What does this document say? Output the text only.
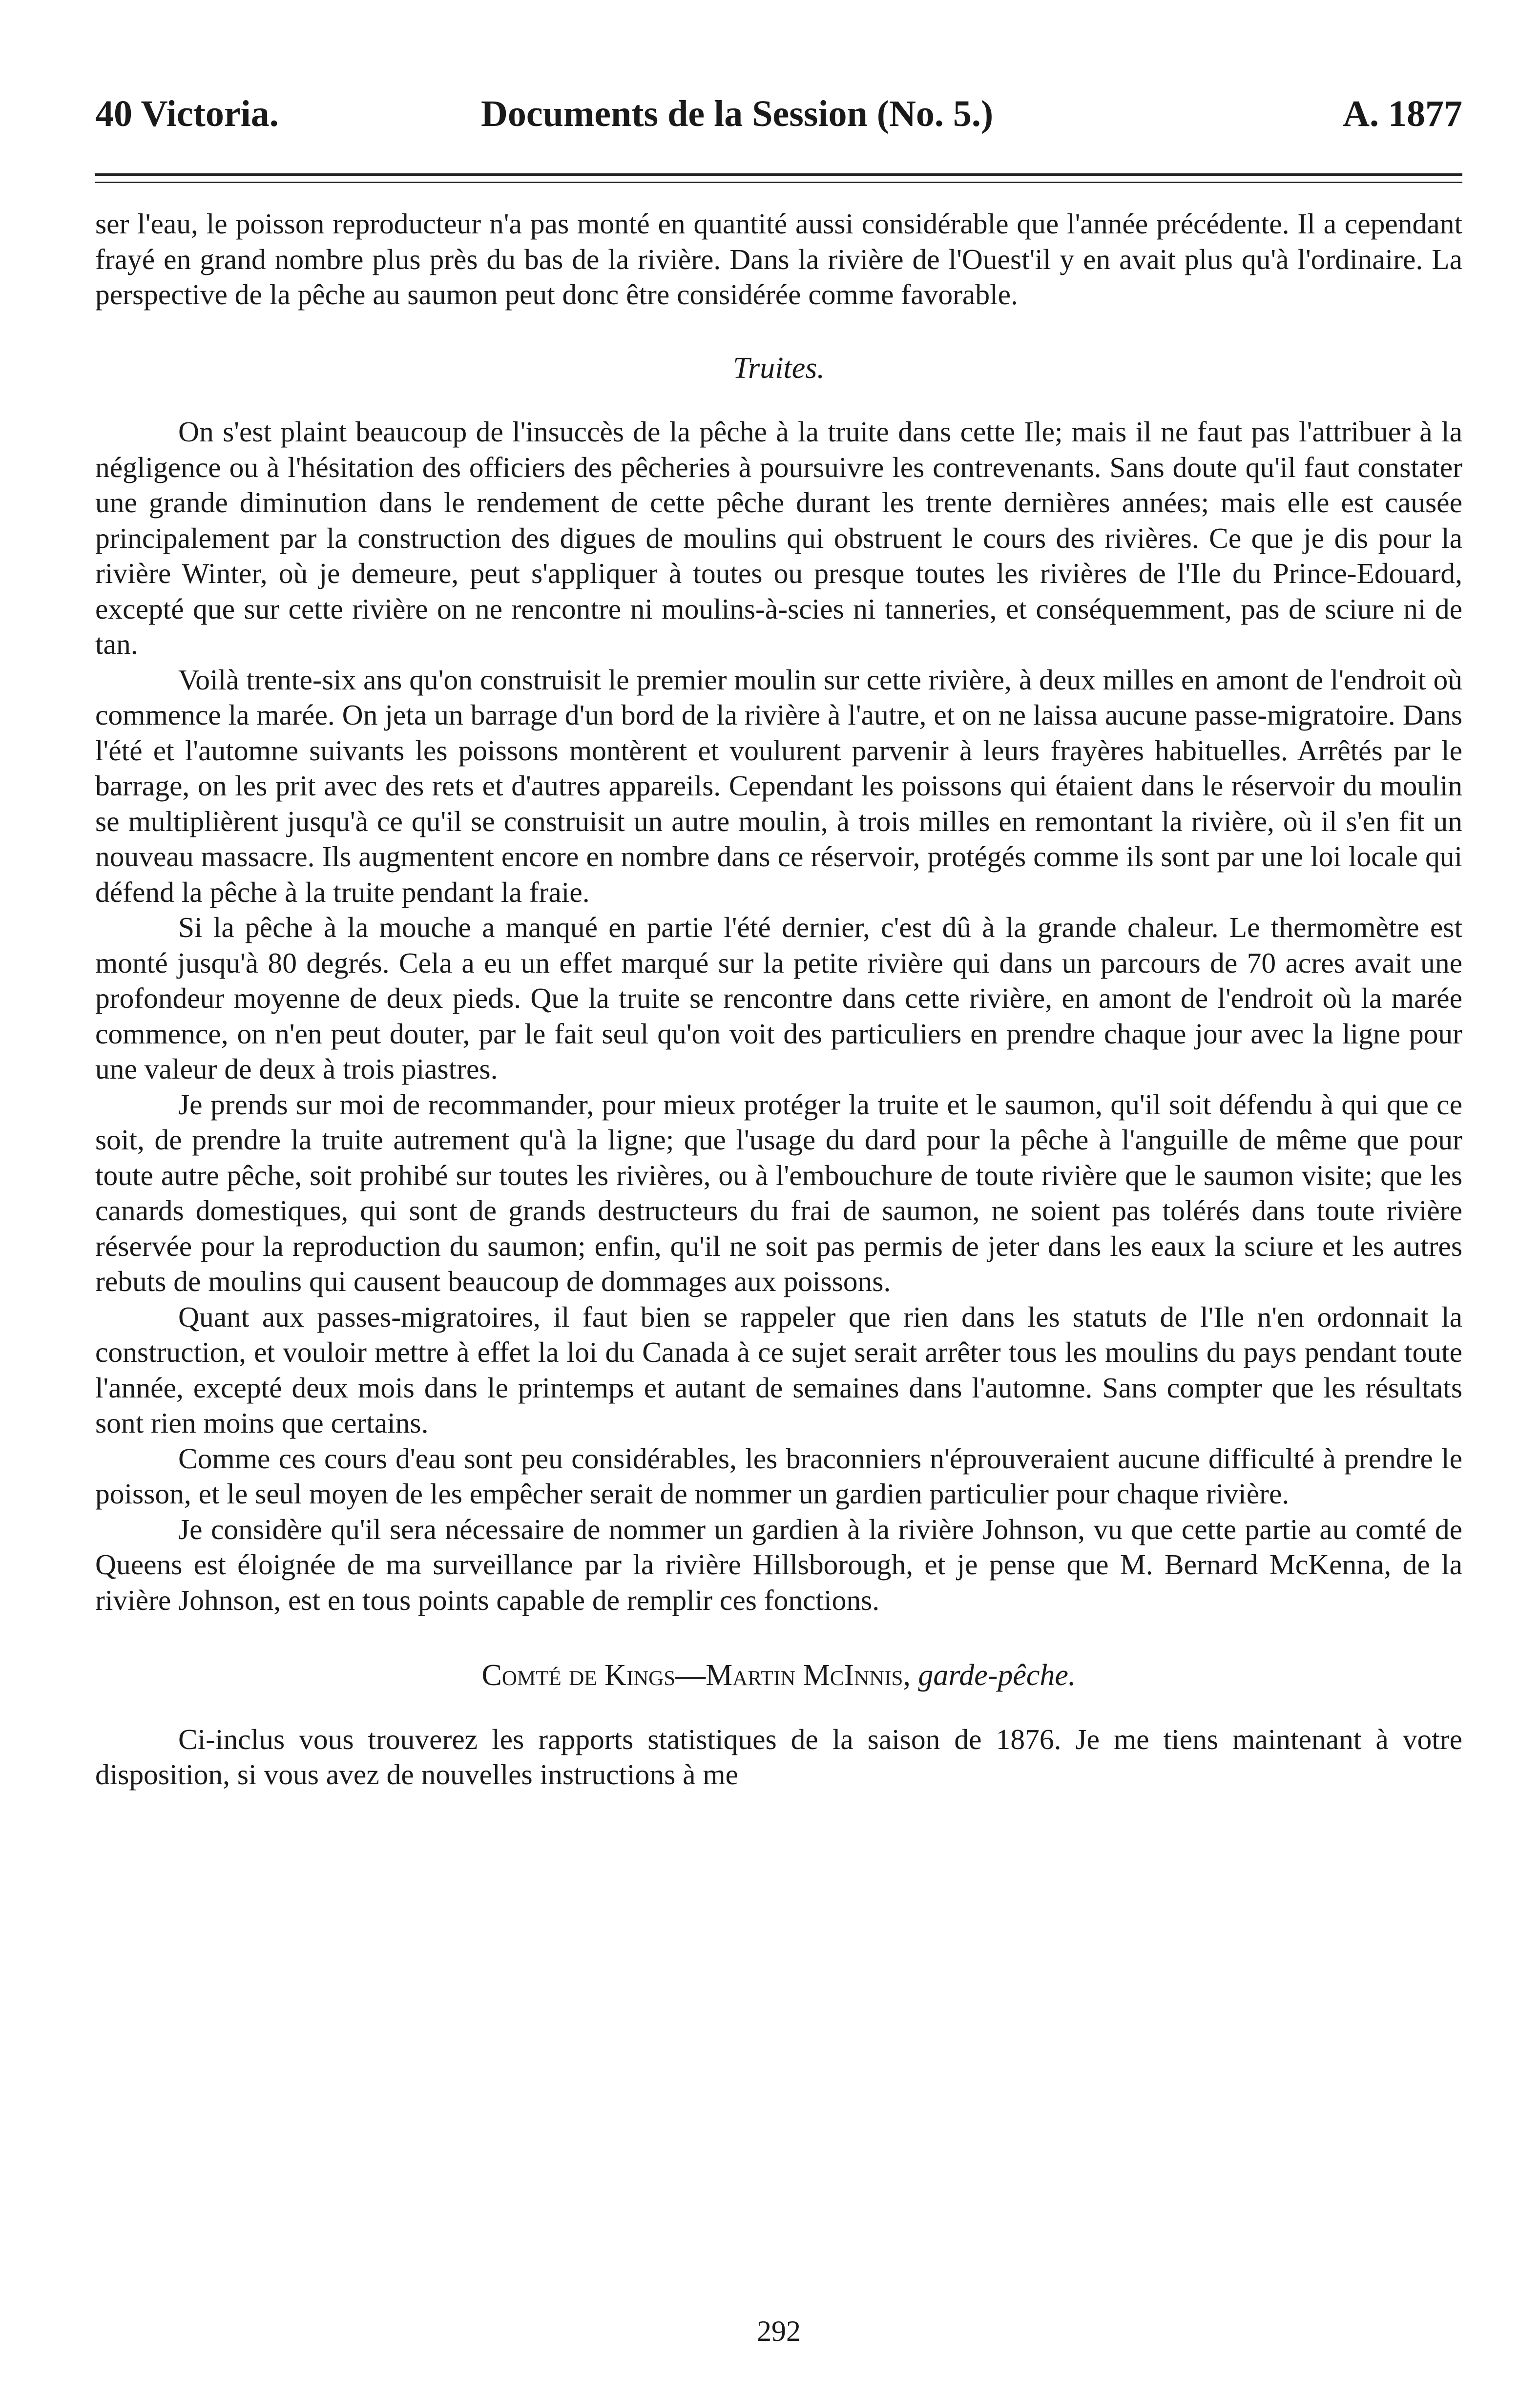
40 Victoria.	Documents de la Session (No. 5.)	A. 1877

ser l'eau, le poisson reproducteur n'a pas monté en quantité aussi considérable que l'année précédente. Il a cependant frayé en grand nombre plus près du bas de la rivière. Dans la rivière de l'Ouest'il y en avait plus qu'à l'ordinaire. La perspective de la pêche au saumon peut donc être considérée comme favorable.

Truites.

On s'est plaint beaucoup de l'insuccès de la pêche à la truite dans cette Ile; mais il ne faut pas l'attribuer à la négligence ou à l'hésitation des officiers des pêcheries à poursuivre les contrevenants. Sans doute qu'il faut constater une grande diminution dans le rendement de cette pêche durant les trente dernières années; mais elle est causée principalement par la construction des digues de moulins qui obstruent le cours des rivières. Ce que je dis pour la rivière Winter, où je demeure, peut s'appliquer à toutes ou presque toutes les rivières de l'Ile du Prince-Edouard, excepté que sur cette rivière on ne rencontre ni moulins-à-scies ni tanneries, et conséquemment, pas de sciure ni de tan.

Voilà trente-six ans qu'on construisit le premier moulin sur cette rivière, à deux milles en amont de l'endroit où commence la marée. On jeta un barrage d'un bord de la rivière à l'autre, et on ne laissa aucune passe-migratoire. Dans l'été et l'automne suivants les poissons montèrent et voulurent parvenir à leurs frayères habituelles. Arrêtés par le barrage, on les prit avec des rets et d'autres appareils. Cependant les poissons qui étaient dans le réservoir du moulin se multiplièrent jusqu'à ce qu'il se construisit un autre moulin, à trois milles en remontant la rivière, où il s'en fit un nouveau massacre. Ils augmentent encore en nombre dans ce réservoir, protégés comme ils sont par une loi locale qui défend la pêche à la truite pendant la fraie.

Si la pêche à la mouche a manqué en partie l'été dernier, c'est dû à la grande chaleur. Le thermomètre est monté jusqu'à 80 degrés. Cela a eu un effet marqué sur la petite rivière qui dans un parcours de 70 acres avait une profondeur moyenne de deux pieds. Que la truite se rencontre dans cette rivière, en amont de l'endroit où la marée commence, on n'en peut douter, par le fait seul qu'on voit des particuliers en prendre chaque jour avec la ligne pour une valeur de deux à trois piastres.

Je prends sur moi de recommander, pour mieux protéger la truite et le saumon, qu'il soit défendu à qui que ce soit, de prendre la truite autrement qu'à la ligne; que l'usage du dard pour la pêche à l'anguille de même que pour toute autre pêche, soit prohibé sur toutes les rivières, ou à l'embouchure de toute rivière que le saumon visite; que les canards domestiques, qui sont de grands destructeurs du frai de saumon, ne soient pas tolérés dans toute rivière réservée pour la reproduction du saumon; enfin, qu'il ne soit pas permis de jeter dans les eaux la sciure et les autres rebuts de moulins qui causent beaucoup de dommages aux poissons.

Quant aux passes-migratoires, il faut bien se rappeler que rien dans les statuts de l'Ile n'en ordonnait la construction, et vouloir mettre à effet la loi du Canada à ce sujet serait arrêter tous les moulins du pays pendant toute l'année, excepté deux mois dans le printemps et autant de semaines dans l'automne. Sans compter que les résultats sont rien moins que certains.

Comme ces cours d'eau sont peu considérables, les braconniers n'éprouveraient aucune difficulté à prendre le poisson, et le seul moyen de les empêcher serait de nommer un gardien particulier pour chaque rivière.

Je considère qu'il sera nécessaire de nommer un gardien à la rivière Johnson, vu que cette partie au comté de Queens est éloignée de ma surveillance par la rivière Hillsborough, et je pense que M. Bernard McKenna, de la rivière Johnson, est en tous points capable de remplir ces fonctions.

Comté de Kings—Martin McInnis, garde-pêche.

Ci-inclus vous trouverez les rapports statistiques de la saison de 1876. Je me tiens maintenant à votre disposition, si vous avez de nouvelles instructions à me

292
